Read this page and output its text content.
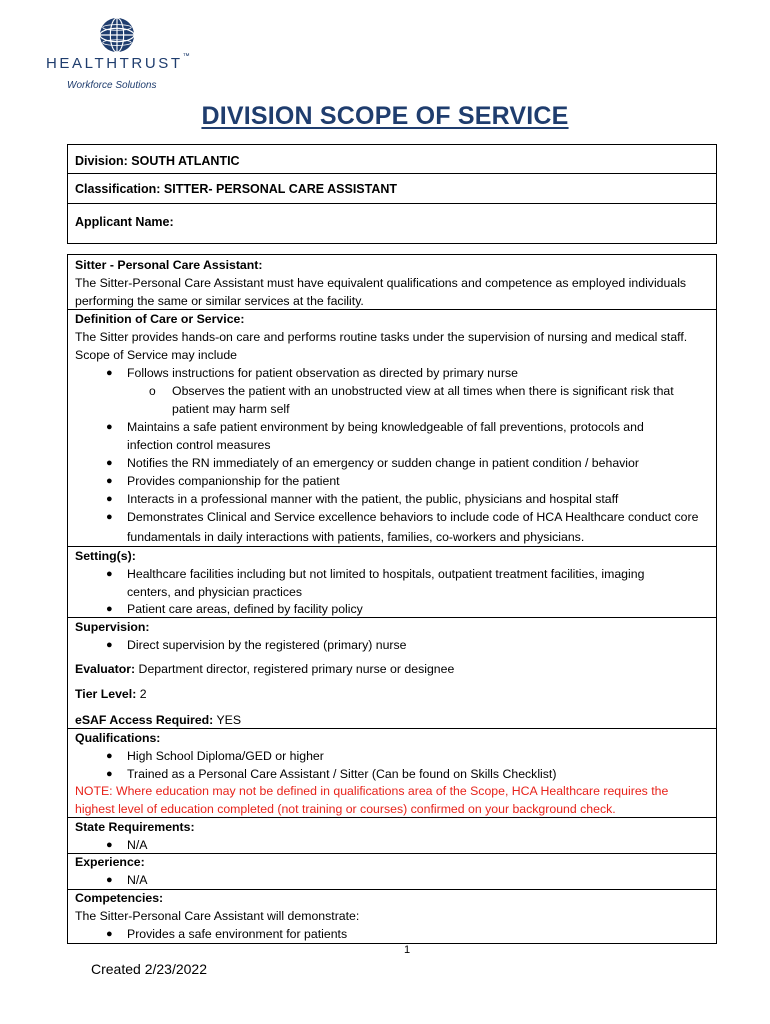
HEALTHTRUST™
Workforce Solutions
DIVISION SCOPE OF SERVICE
Division: SOUTH ATLANTIC
Classification: SITTER- PERSONAL CARE ASSISTANT
Applicant Name:
Sitter - Personal Care Assistant:
The Sitter-Personal Care Assistant must have equivalent qualifications and competence as employed individuals
performing the same or similar services at the facility.
Definition of Care or Service:
The Sitter provides hands-on care and performs routine tasks under the supervision of nursing and medical staff.
Scope of Service may include
● Follows instructions for patient observation as directed by primary nurse
o Observes the patient with an unobstructed view at all times when there is significant risk that
patient may harm self
● Maintains a safe patient environment by being knowledgeable of fall preventions, protocols and
infection control measures
● Notifies the RN immediately of an emergency or sudden change in patient condition / behavior
● Provides companionship for the patient
● Interacts in a professional manner with the patient, the public, physicians and hospital staff
● Demonstrates Clinical and Service excellence behaviors to include code of HCA Healthcare conduct core
fundamentals in daily interactions with patients, families, co-workers and physicians.
Setting(s):
● Healthcare facilities including but not limited to hospitals, outpatient treatment facilities, imaging
centers, and physician practices
● Patient care areas, defined by facility policy
Supervision:
● Direct supervision by the registered (primary) nurse
Evaluator: Department director, registered primary nurse or designee
Tier Level: 2
eSAF Access Required: YES
Qualifications:
● High School Diploma/GED or higher
● Trained as a Personal Care Assistant / Sitter (Can be found on Skills Checklist)
NOTE: Where education may not be defined in qualifications area of the Scope, HCA Healthcare requires the
highest level of education completed (not training or courses) confirmed on your background check.
State Requirements:
● N/A
Experience:
● N/A
Competencies:
The Sitter-Personal Care Assistant will demonstrate:
● Provides a safe environment for patients
1
Created 2/23/2022
